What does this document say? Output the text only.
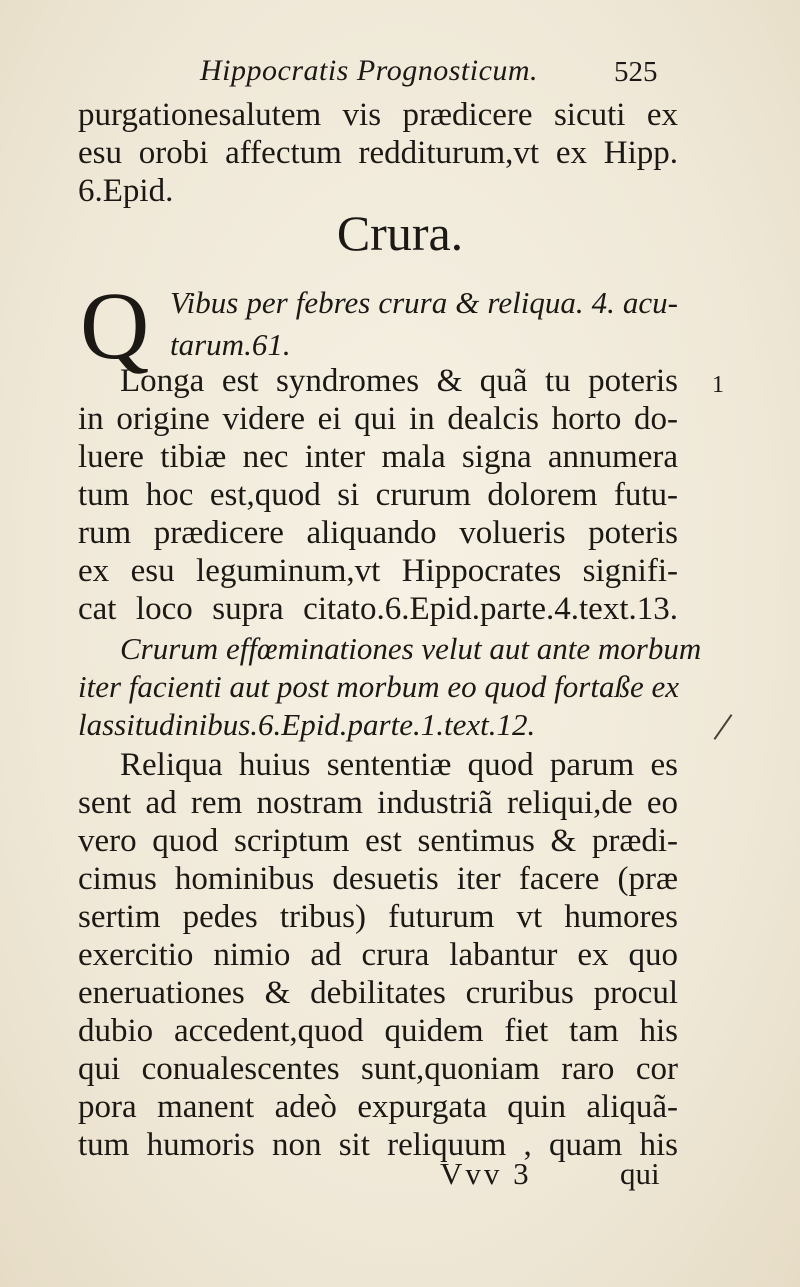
Hippocratis Prognosticum.	525
purgationesalutem vis prædicere sicuti ex
esu orobi affectum redditurum,vt ex Hipp.
6.Epid.
Crura.
Q Vibus per febres crura & reliqua. 4. acu-
tarum.61.
1
Longa est syndromes & quã tu poteris
in origine videre ei qui in dealcis horto do-
luere tibiæ nec inter mala signa annumera
tum hoc est,quod si crurum dolorem futu-
rum prædicere aliquando volueris poteris
ex esu leguminum,vt Hippocrates signifi-
cat loco supra citato.6.Epid.parte.4.text.13.
Crurum effœminationes velut aut ante morbum
iter facienti aut post morbum eo quod fortaße ex
lassitudinibus.6.Epid.parte.1.text.12.
Reliqua huius sententiæ quod parum es
sent ad rem nostram industriã reliqui,de eo
vero quod scriptum est sentimus & prædi-
cimus hominibus desuetis iter facere (præ
sertim pedes tribus) futurum vt humores
exercitio nimio ad crura labantur ex quo
eneruationes & debilitates cruribus procul
dubio accedent,quod quidem fiet tam his
qui conualescentes sunt,quoniam raro cor
pora manent adeò expurgata quin aliquã-
tum humoris non sit reliquum , quam his
Vvv 3	qui
